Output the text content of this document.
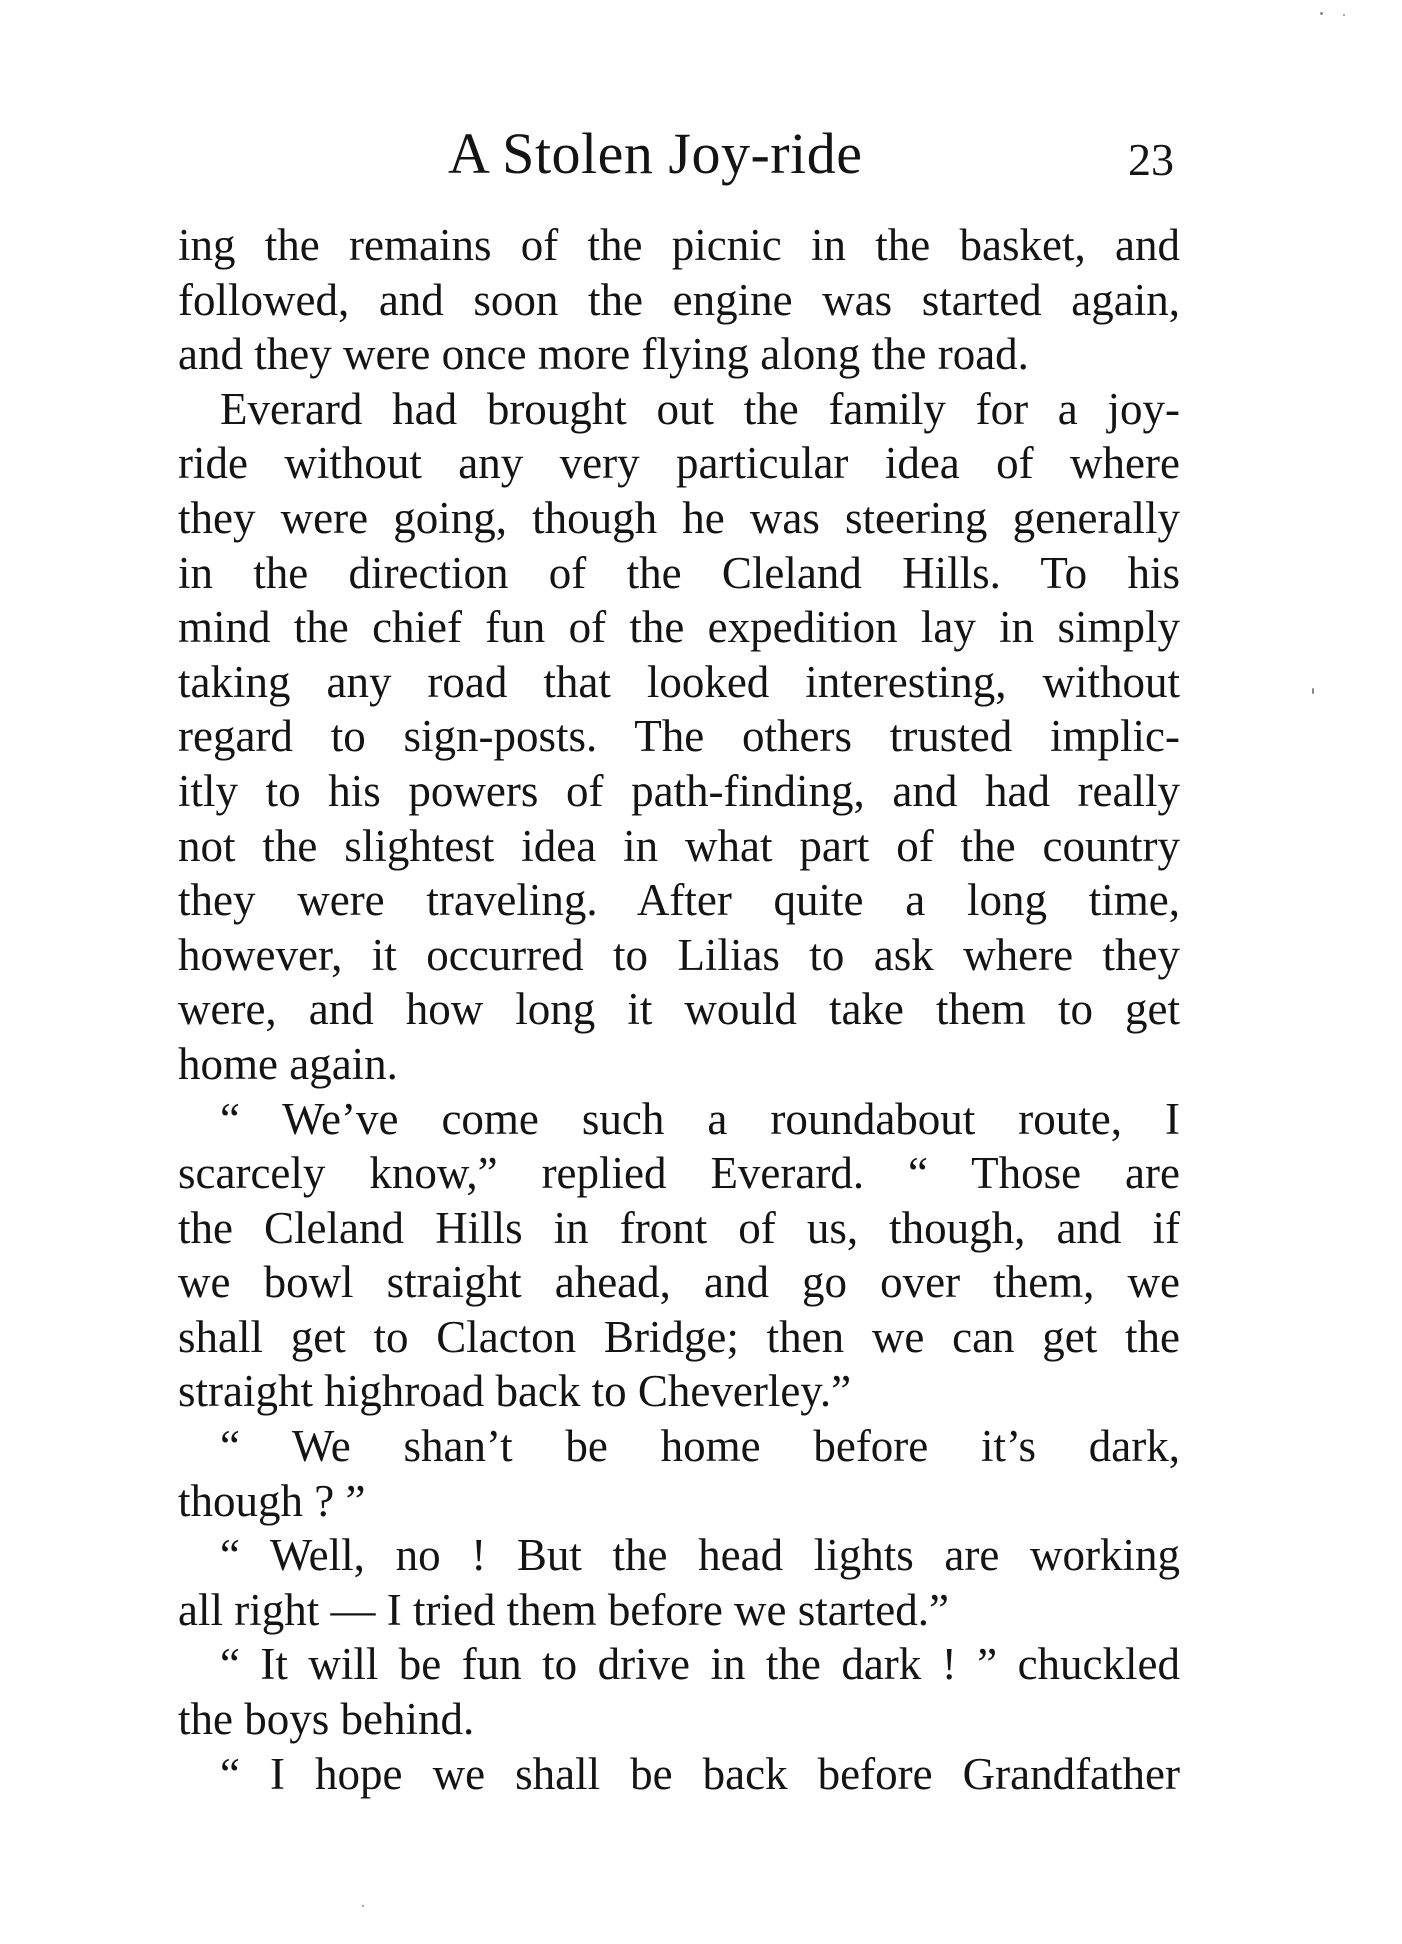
A Stolen Joy-ride	23
ing the remains of the picnic in the basket, and
followed, and soon the engine was started again,
and they were once more flying along the road.
Everard had brought out the family for a joy-
ride without any very particular idea of where
they were going, though he was steering generally
in the direction of the Cleland Hills. To his
mind the chief fun of the expedition lay in simply
taking any road that looked interesting, without
regard to sign-posts. The others trusted implic-
itly to his powers of path-finding, and had really
not the slightest idea in what part of the country
they were traveling. After quite a long time,
however, it occurred to Lilias to ask where they
were, and how long it would take them to get
home again.
“ We’ve come such a roundabout route, I
scarcely know,” replied Everard. “ Those are
the Cleland Hills in front of us, though, and if
we bowl straight ahead, and go over them, we
shall get to Clacton Bridge; then we can get the
straight highroad back to Cheverley.”
“ We shan’t be home before it’s dark,
though ? ”
“ Well, no ! But the head lights are working
all right — I tried them before we started.”
“ It will be fun to drive in the dark ! ” chuckled
the boys behind.
“ I hope we shall be back before Grandfather
